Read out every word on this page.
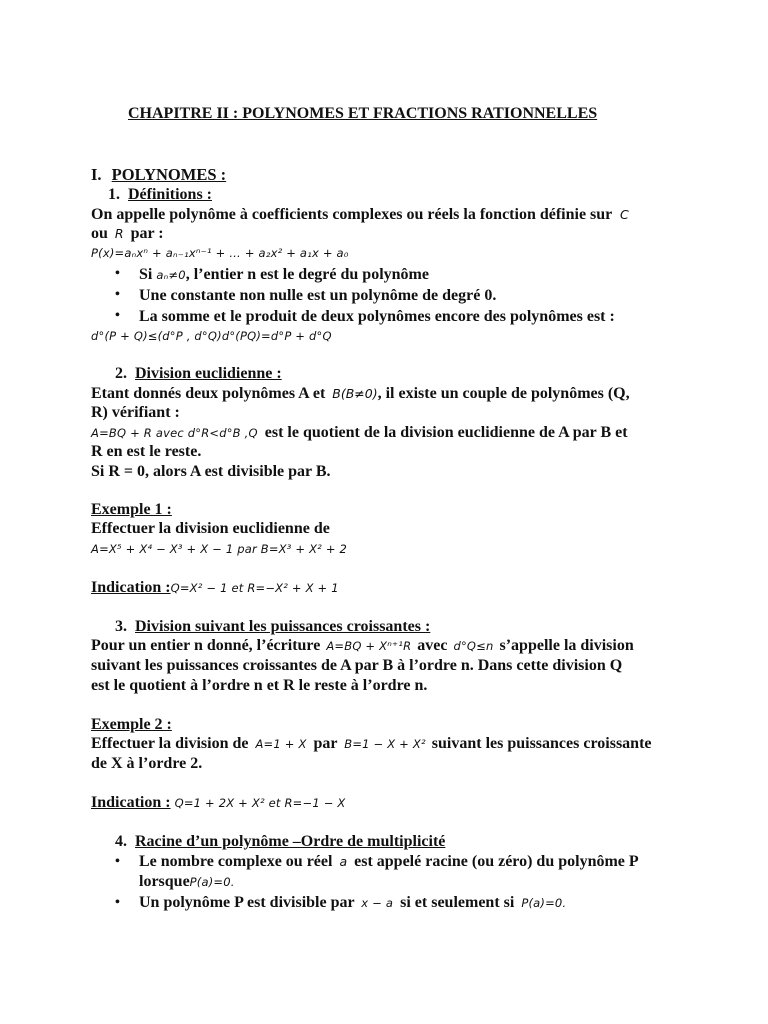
CHAPITRE II : POLYNOMES ET FRACTIONS RATIONNELLES
I. POLYNOMES :
1. Définitions :
On appelle polynôme à coefficients complexes ou réels la fonction définie sur C
ou R par :
P(x)=aₙxⁿ + aₙ₋₁xⁿ⁻¹ + … + a₂x² + a₁x + a₀
• Si aₙ≠0, l’entier n est le degré du polynôme
• Une constante non nulle est un polynôme de degré 0.
• La somme et le produit de deux polynômes encore des polynômes est :
d°(P + Q)≤(d°P , d°Q)d°(PQ)=d°P + d°Q
2. Division euclidienne :
Etant donnés deux polynômes A et B(B≠0), il existe un couple de polynômes (Q,
R) vérifiant :
A=BQ + R avec d°R<d°B ,Q est le quotient de la division euclidienne de A par B et
R en est le reste.
Si R = 0, alors A est divisible par B.
Exemple 1 :
Effectuer la division euclidienne de
A=X⁵ + X⁴ − X³ + X − 1 par B=X³ + X² + 2
Indication :Q=X² − 1 et R=−X² + X + 1
3. Division suivant les puissances croissantes :
Pour un entier n donné, l’écriture A=BQ + Xⁿ⁺¹R avec d°Q≤n s’appelle la division
suivant les puissances croissantes de A par B à l’ordre n. Dans cette division Q
est le quotient à l’ordre n et R le reste à l’ordre n.
Exemple 2 :
Effectuer la division de A=1 + X par B=1 − X + X² suivant les puissances croissante
de X à l’ordre 2.
Indication : Q=1 + 2X + X² et R=−1 − X
4. Racine d’un polynôme –Ordre de multiplicité
• Le nombre complexe ou réel a est appelé racine (ou zéro) du polynôme P
lorsqueP(a)=0.
• Un polynôme P est divisible par x − a si et seulement si P(a)=0.
